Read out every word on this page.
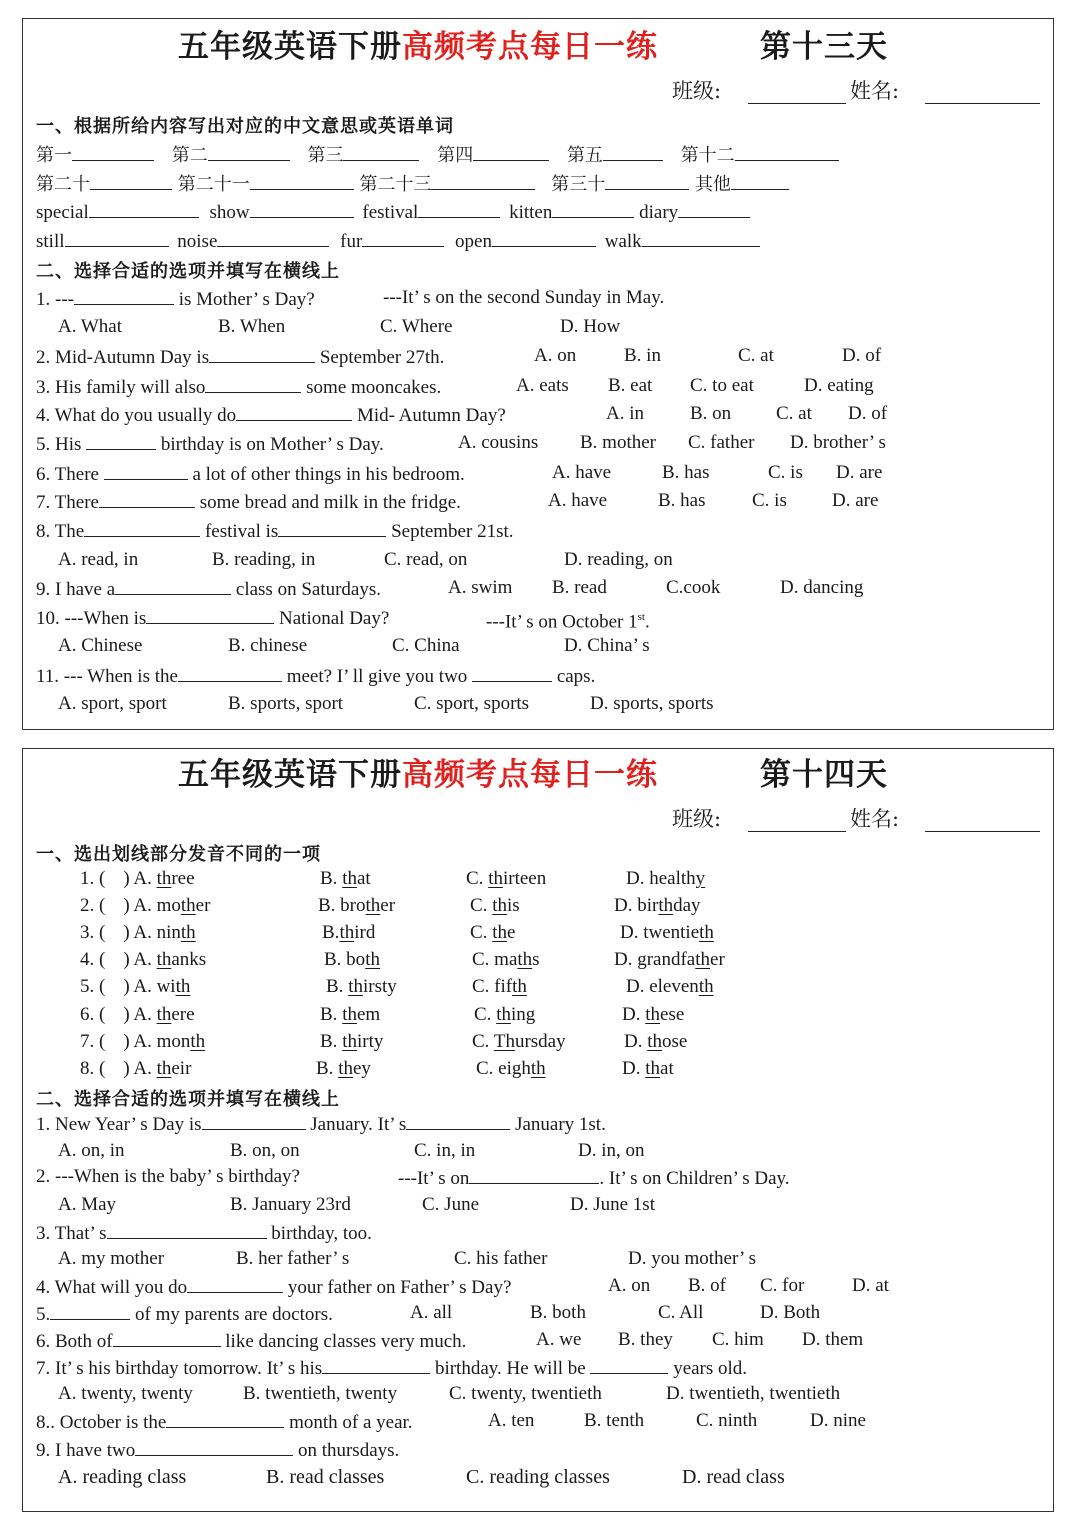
五年级英语下册高频考点每日一练	第十三天
班级:	姓名:
一、根据所给内容写出对应的中文意思或英语单词
第一	第二	第三	第四	第五	第十二
第二十	第二十一	第二十三	第三十	其他
special	show	festival	kitten	diary
still	noise	fur	open	walk
二、选择合适的选项并填写在横线上
1. ---	is Mother’ s Day?	---It’ s on the second Sunday in May.
A. What	B. When	C. Where	D. How
2. Mid-Autumn Day is	September 27th.	A. on	B. in	C. at	D. of
3. His family will also	some mooncakes.	A. eats B. eat C. to eat	D. eating
4. What do you usually do	Mid- Autumn Day?	A. in B. on C. at D. of
5. His	birthday is on Mother’ s Day.	A. cousins B. mother C. father D. brother’ s
6. There	a lot of other things in his bedroom.	A. have	B. has	C. is D. are
7. There	some bread and milk in the fridge.	A. have	B. has C. is D. are
8. The	festival is	September 21st.
A. read, in	B. reading, in	C. read, on	D. reading, on
9. I have a	class on Saturdays.	A. swim B. read	C.cook	D. dancing
10. ---When is	National Day?	---It’ s on October 1st.
A. Chinese	B. chinese	C. China	D. China’ s
11. --- When is the	meet? I’ ll give you two	caps.
A. sport, sport	B. sports, sport	C. sport, sports	D. sports, sports
五年级英语下册高频考点每日一练	第十四天
班级:	姓名:
一、选出划线部分发音不同的一项
1. ( ) A. three	B. that	C. thirteen	D. healthy
2. ( ) A. mother	B. brother	C. this	D. birthday
3. ( ) A. ninth	B.third	C. the	D. twentieth
4. ( ) A. thanks	B. both	C. maths	D. grandfather
5. ( ) A. with	B. thirsty	C. fifth	D. eleventh
6. ( ) A. there	B. them	C. thing	D. these
7. ( ) A. month	B. thirty	C. Thursday	D. those
8. ( ) A. their	B. they	C. eighth	D. that
二、选择合适的选项并填写在横线上
1. New Year’ s Day is	January. It’ s	January 1st.
A. on, in	B. on, on	C. in, in	D. in, on
2. ---When is the baby’ s birthday?	---It’ s on	. It’ s on Children’ s Day.
A. May	B. January 23rd	C. June	D. June 1st
3. That’ s	birthday, too.
A. my mother	B. her father’ s	C. his father	D. you mother’ s
4. What will you do	your father on Father’ s Day?	A. on B. of C. for	D. at
5.	of my parents are doctors.	A. all	B. both	C. All	D. Both
6. Both of	like dancing classes very much.	A. we B. they C. him D. them
7. It’ s his birthday tomorrow. It’ s his	birthday. He will be	years old.
A. twenty, twenty	B. twentieth, twenty	C. twenty, twentieth	D. twentieth, twentieth
8.. October is the	month of a year.	A. ten	B. tenth	C. ninth	D. nine
9. I have two	on thursdays.
A. reading class	B. read classes	C. reading classes	D. read class
